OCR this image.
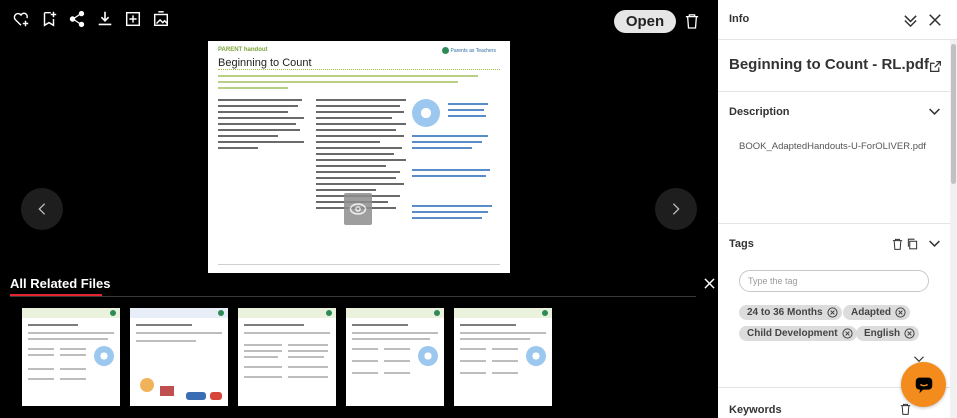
Open
PARENT handout	Parents as Teachers
Beginning to Count
All Related Files
Info
Beginning to Count - RL.pdf
Description
BOOK_AdaptedHandouts-U-ForOLIVER.pdf
Tags
Type the tag
24 to 36 Months	Adapted
Child Development	English
Keywords
